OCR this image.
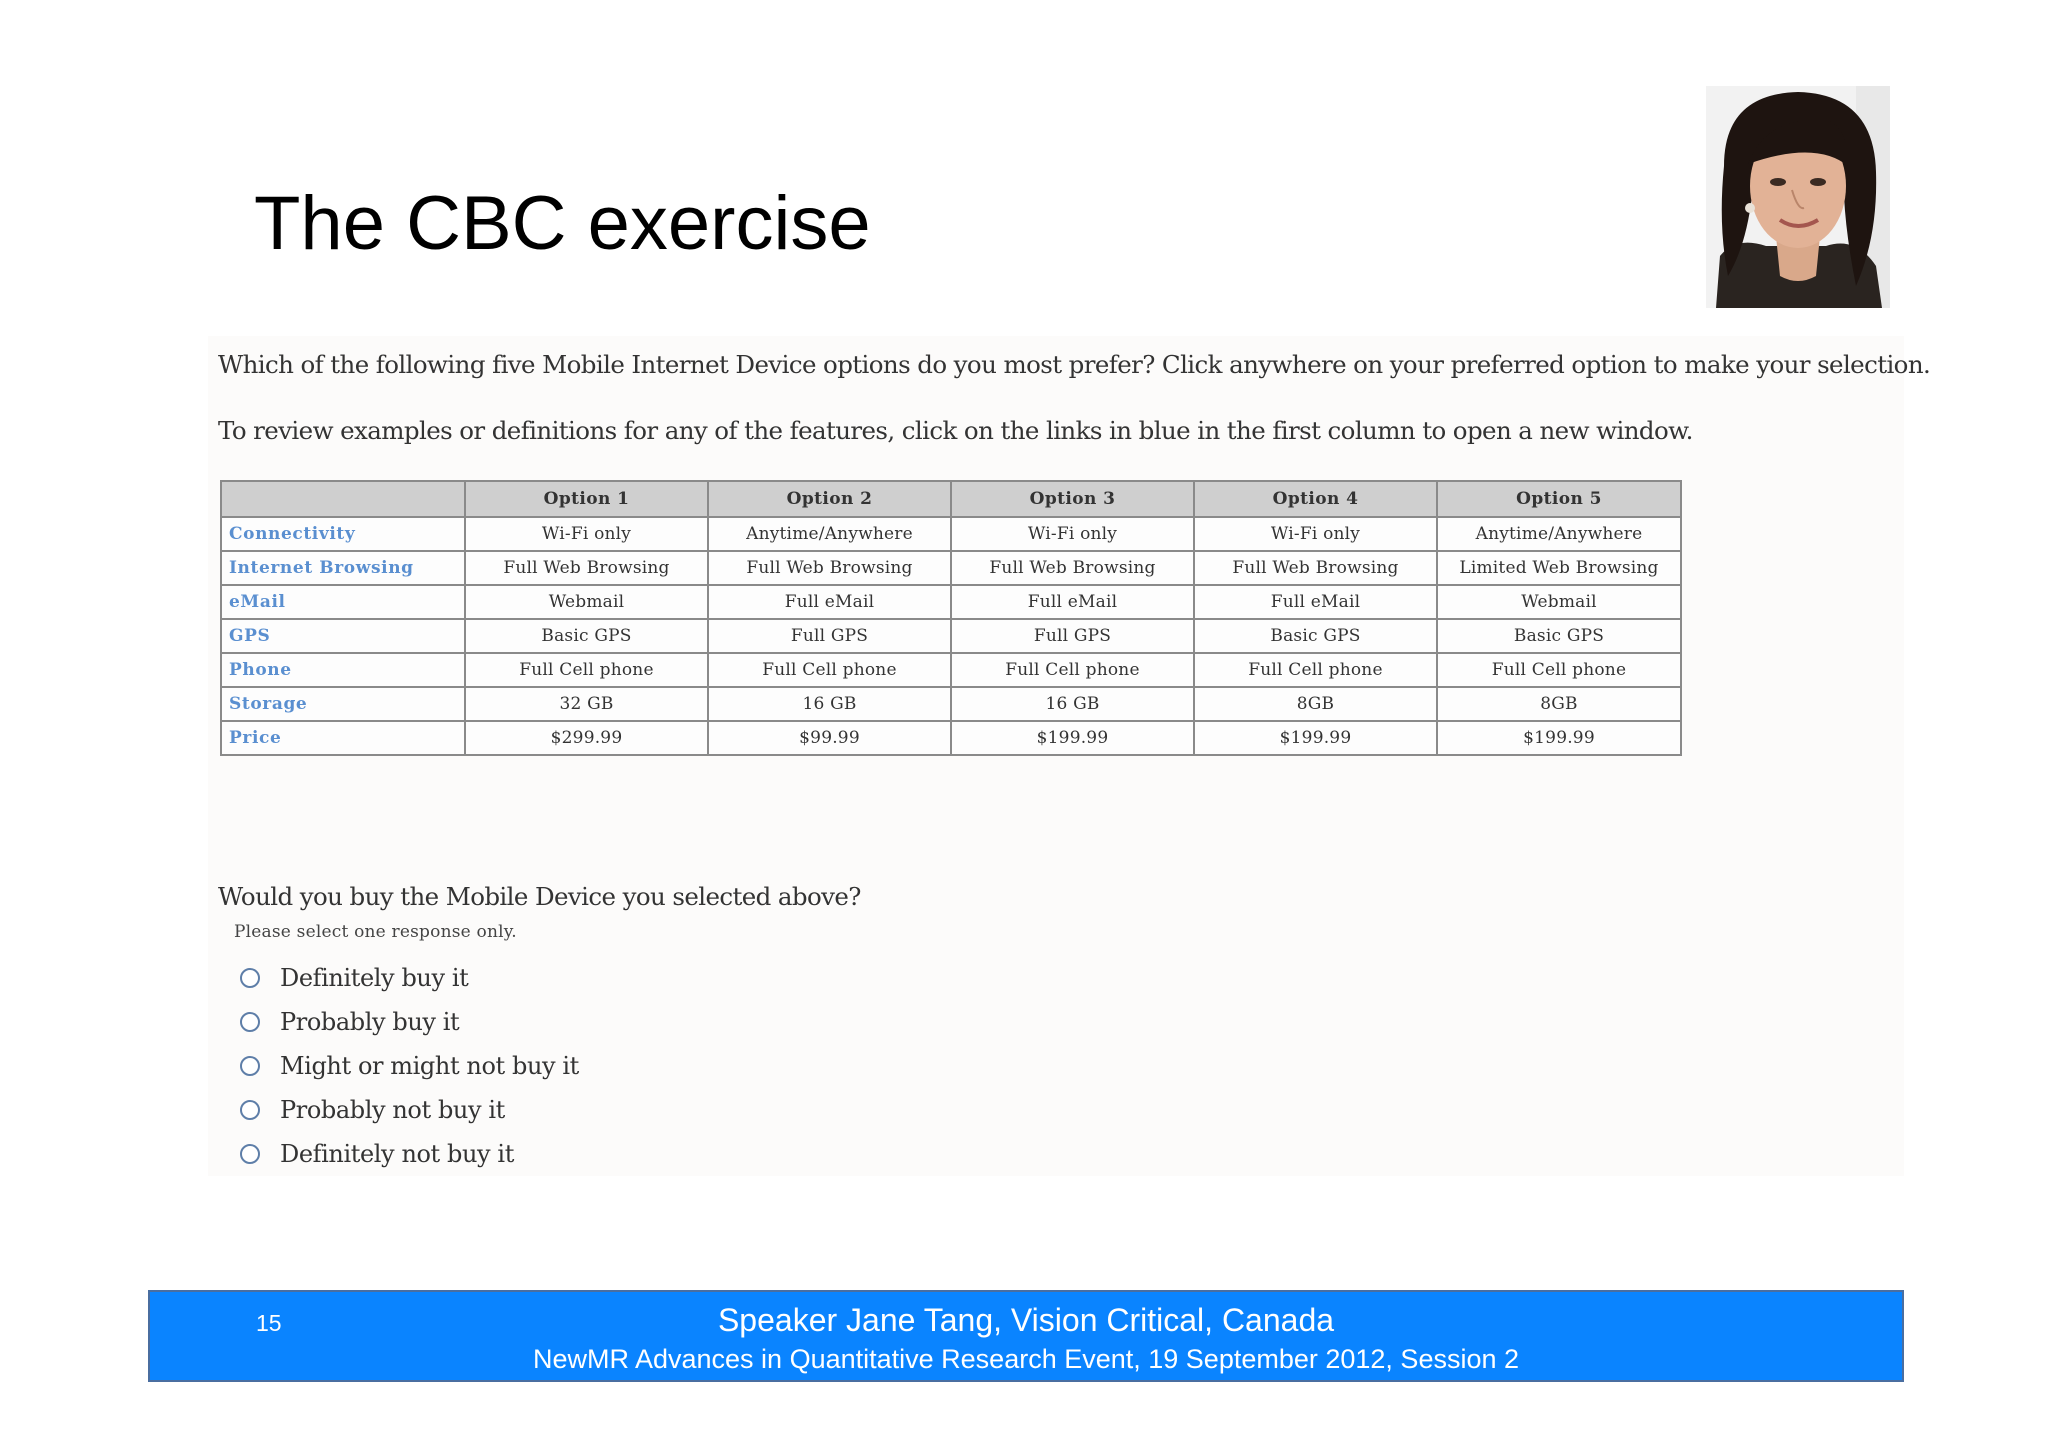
The CBC exercise
Which of the following five Mobile Internet Device options do you most prefer? Click anywhere on your preferred option to make your selection.
To review examples or definitions for any of the features, click on the links in blue in the first column to open a new window.
	Option 1	Option 2	Option 3	Option 4	Option 5
Connectivity	Wi-Fi only	Anytime/Anywhere	Wi-Fi only	Wi-Fi only	Anytime/Anywhere
Internet Browsing	Full Web Browsing	Full Web Browsing	Full Web Browsing	Full Web Browsing	Limited Web Browsing
eMail	Webmail	Full eMail	Full eMail	Full eMail	Webmail
GPS	Basic GPS	Full GPS	Full GPS	Basic GPS	Basic GPS
Phone	Full Cell phone	Full Cell phone	Full Cell phone	Full Cell phone	Full Cell phone
Storage	32 GB	16 GB	16 GB	8GB	8GB
Price	$299.99	$99.99	$199.99	$199.99	$199.99
Would you buy the Mobile Device you selected above?
Please select one response only.
Definitely buy it
Probably buy it
Might or might not buy it
Probably not buy it
Definitely not buy it
15	Speaker Jane Tang, Vision Critical, Canada
NewMR Advances in Quantitative Research Event, 19 September 2012, Session 2
